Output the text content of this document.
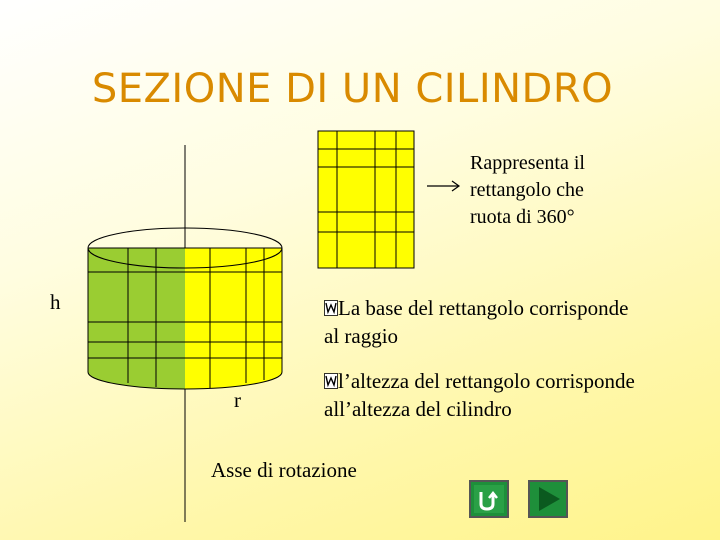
SEZIONE DI UN CILINDRO
Rappresenta il
rettangolo che
ruota di 360°
h
r
La base del rettangolo corrisponde
al raggio
l’altezza del rettangolo corrisponde
all’altezza del cilindro
Asse di rotazione
